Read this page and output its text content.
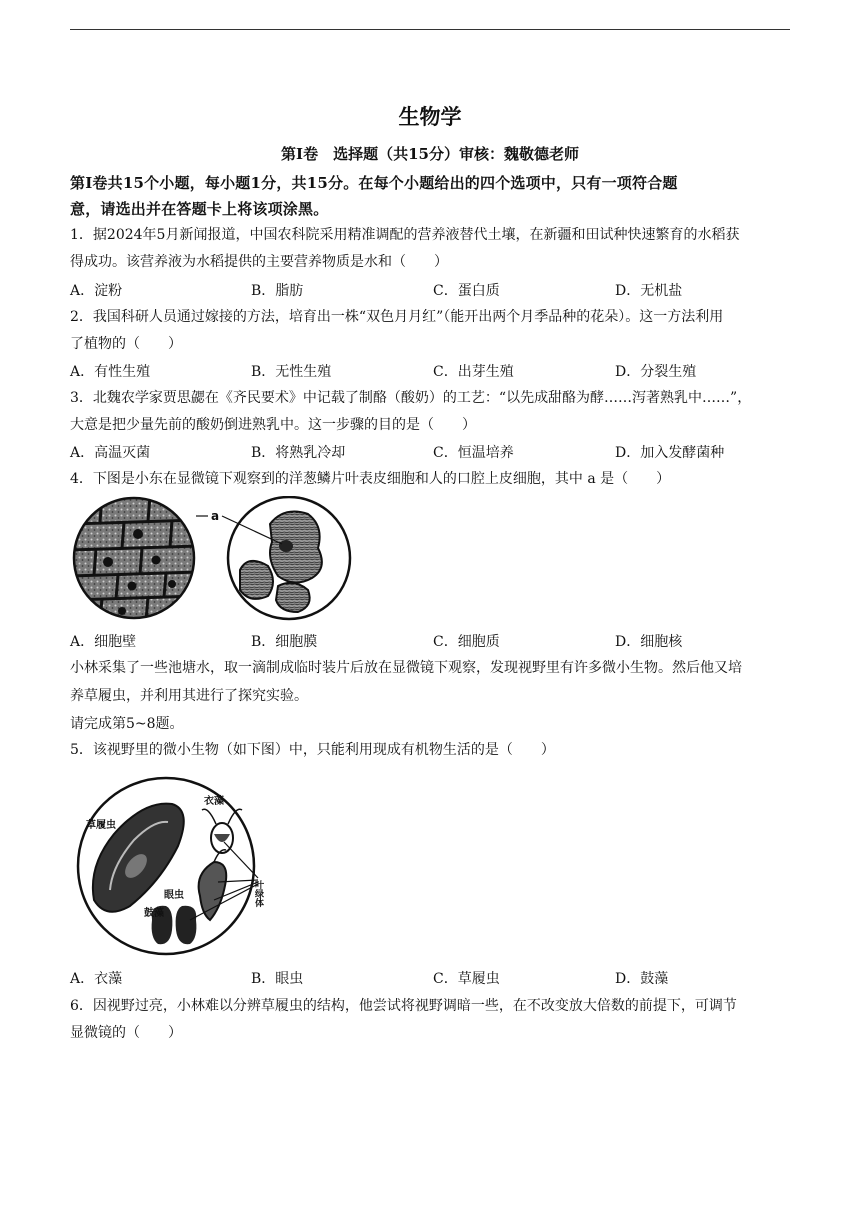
生物学
第Ⅰ卷　选择题（共15分）审核：魏敬德老师
第Ⅰ卷共15个小题，每小题1分，共15分。在每个小题给出的四个选项中，只有一项符合题
意，请选出并在答题卡上将该项涂黑。
1．据2024年5月新闻报道，中国农科院采用精准调配的营养液替代土壤，在新疆和田试种快速繁育的水稻获
得成功。该营养液为水稻提供的主要营养物质是水和（　　）
A．淀粉	B．脂肪	C．蛋白质	D．无机盐
2．我国科研人员通过嫁接的方法，培育出一株“双色月月红”（能开出两个月季品种的花朵）。这一方法利用
了植物的（　　）
A．有性生殖	B．无性生殖	C．出芽生殖	D．分裂生殖
3．北魏农学家贾思勰在《齐民要术》中记载了制酪（酸奶）的工艺：“以先成甜酪为酵……泻著熟乳中……”，
大意是把少量先前的酸奶倒进熟乳中。这一步骤的目的是（　　）
A．高温灭菌	B．将熟乳冷却	C．恒温培养	D．加入发酵菌种
4．下图是小东在显微镜下观察到的洋葱鳞片叶表皮细胞和人的口腔上皮细胞，其中 a 是（　　）
a
A．细胞壁	B．细胞膜	C．细胞质	D．细胞核
小林采集了一些池塘水，取一滴制成临时装片后放在显微镜下观察，发现视野里有许多微小生物。然后他又培
养草履虫，并利用其进行了探究实验。
请完成第5~8题。
5．该视野里的微小生物（如下图）中，只能利用现成有机物生活的是（　　）
草履虫
衣藻
眼虫
鼓藻
叶绿体
A．衣藻	B．眼虫	C．草履虫	D．鼓藻
6．因视野过亮，小林难以分辨草履虫的结构，他尝试将视野调暗一些，在不改变放大倍数的前提下，可调节
显微镜的（　　）
